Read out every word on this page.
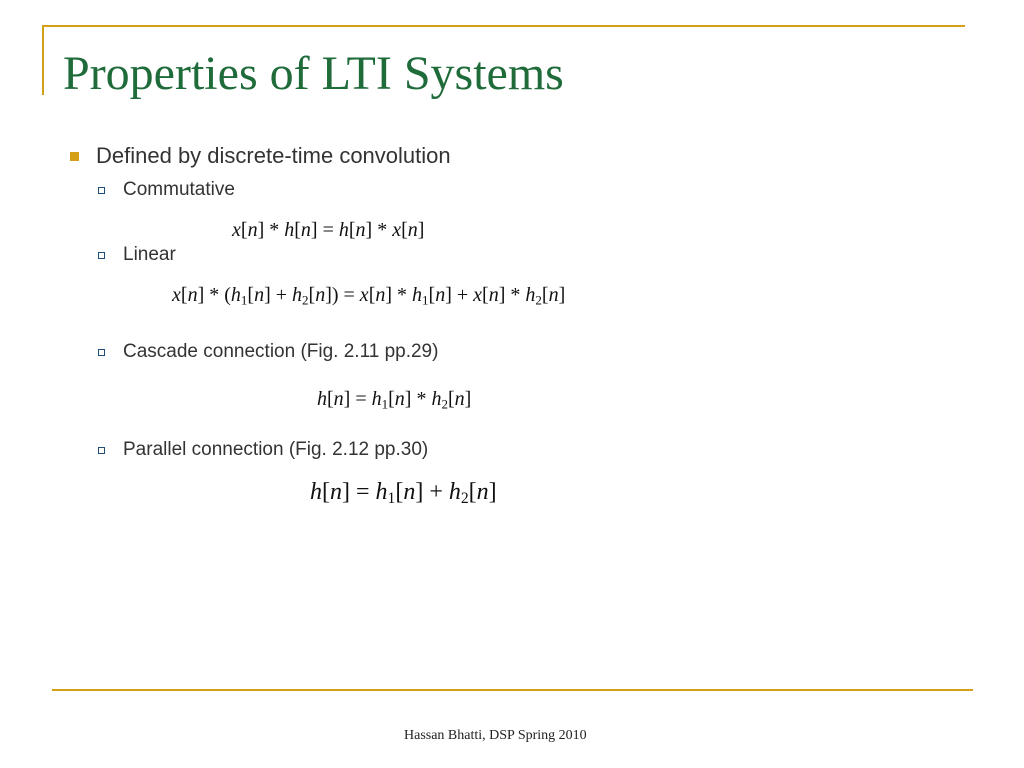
Properties of LTI Systems
Defined by discrete-time convolution
Commutative
x[n] * h[n] = h[n] * x[n]
Linear
$x[n] * (h_1[n] + h_2[n]) = x[n] * h_1[n] + x[n] * h_2[n]$
Cascade connection (Fig. 2.11 pp.29)
$h[n] = h_1[n] * h_2[n]$
Parallel connection (Fig. 2.12 pp.30)
$h[n] = h_1[n] + h_2[n]$
Hassan Bhatti, DSP Spring 2010
